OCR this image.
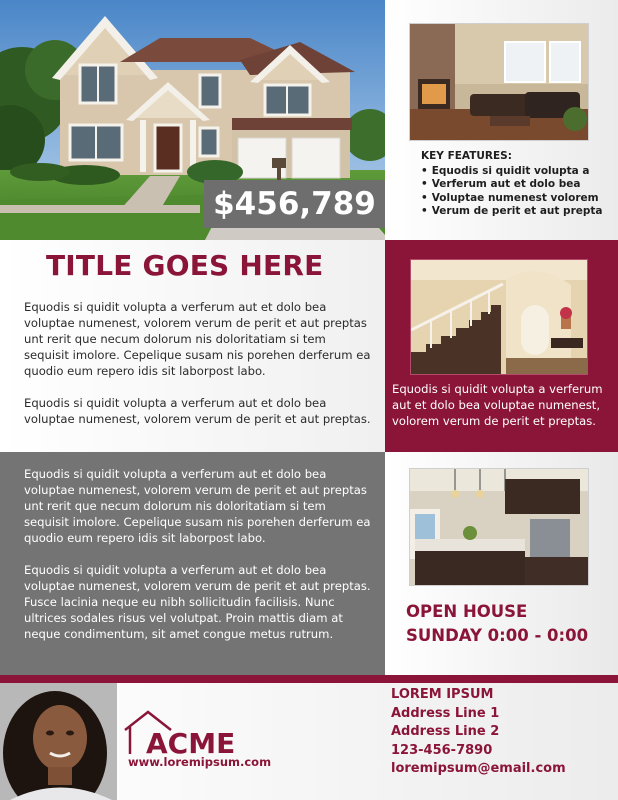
$456,789
KEY FEATURES:
• Equodis si quidit volupta a
• Verferum aut et dolo bea
• Voluptae numenest volorem
• Verum de perit et aut prepta
TITLE GOES HERE
Equodis si quidit volupta a verferum aut et dolo bea voluptae numenest, volorem verum de perit et aut preptas unt rerit que necum dolorum nis doloritatiam si tem sequisit imolore. Cepelique susam nis porehen derferum ea quodio eum repero idis sit laborpost labo.
Equodis si quidit volupta a verferum aut et dolo bea voluptae numenest, volorem verum de perit et aut preptas.
Equodis si quidit volupta a verferum aut et dolo bea voluptae numenest, volorem verum de perit et preptas.
Equodis si quidit volupta a verferum aut et dolo bea voluptae numenest, volorem verum de perit et aut preptas unt rerit que necum dolorum nis doloritatiam si tem sequisit imolore. Cepelique susam nis porehen derferum ea quodio eum repero idis sit laborpost labo.
Equodis si quidit volupta a verferum aut et dolo bea voluptae numenest, volorem verum de perit et aut preptas. Fusce lacinia neque eu nibh sollicitudin facilisis. Nunc ultrices sodales risus vel volutpat. Proin mattis diam at neque condimentum, sit amet congue metus rutrum.
OPEN HOUSE
SUNDAY 0:00 - 0:00
ACME
www.loremipsum.com
LOREM IPSUM
Address Line 1
Address Line 2
123-456-7890
loremipsum@email.com
